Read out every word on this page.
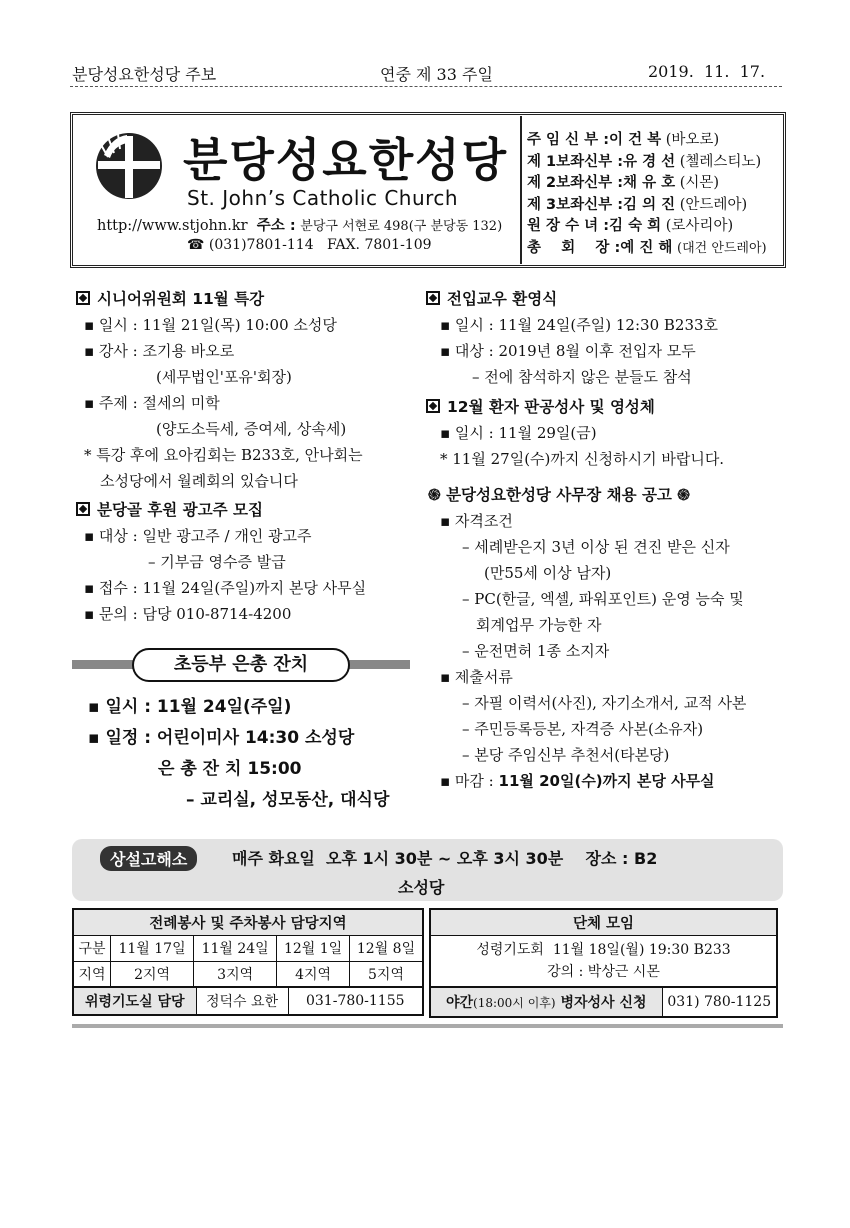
분당성요한성당 주보	연중 제 33 주일	2019.  11.  17.
분당성요한성당
St. John’s Catholic Church
http://www.stjohn.kr 주소 : 분당구 서현로 498(구 분당동 132)
☎ (031)7801-114   FAX. 7801-109
주 임 신 부 :이 건 복 (바오로)
제 1보좌신부 :유 경 선 (첼레스티노)
제 2보좌신부 :채 유 호 (시몬)
제 3보좌신부 :김 의 진 (안드레아)
원 장 수 녀 :김 숙 희 (로사리아)
총    회    장 :예 진 해 (대건 안드레아)
시니어위원회 11월 특강
▪ 일시 : 11월 21일(목) 10:00 소성당
▪ 강사 : 조기용 바오로
(세무법인'포유'회장)
▪ 주제 : 절세의 미학
(양도소득세, 증여세, 상속세)
* 특강 후에 요아킴회는 B233호, 안나회는
소성당에서 월례회의 있습니다
분당골 후원 광고주 모집
▪ 대상 : 일반 광고주 / 개인 광고주
– 기부금 영수증 발급
▪ 접수 : 11월 24일(주일)까지 본당 사무실
▪ 문의 : 담당 010-8714-4200
초등부 은총 잔치
▪ 일시 : 11월 24일(주일)
▪ 일정 : 어린이미사 14:30 소성당
은 총 잔 치 15:00
– 교리실, 성모동산, 대식당
전입교우 환영식
▪ 일시 : 11월 24일(주일) 12:30 B233호
▪ 대상 : 2019년 8월 이후 전입자 모두
– 전에 참석하지 않은 분들도 참석
12월 환자 판공성사 및 영성체
▪ 일시 : 11월 29일(금)
* 11월 27일(수)까지 신청하시기 바랍니다.
֍ 분당성요한성당 사무장 채용 공고 ֍
▪ 자격조건
– 세례받은지 3년 이상 된 견진 받은 신자
(만55세 이상 남자)
– PC(한글, 엑셀, 파워포인트) 운영 능숙 및
회계업무 가능한 자
– 운전면허 1종 소지자
▪ 제출서류
– 자필 이력서(사진), 자기소개서, 교적 사본
– 주민등록등본, 자격증 사본(소유자)
– 본당 주임신부 추천서(타본당)
▪ 마감 : 11월 20일(수)까지 본당 사무실
상설고해소	매주 화요일  오후 1시 30분 ~ 오후 3시 30분    장소 : B2
소성당
전례봉사 및 주차봉사 담당지역
구분	11월 17일	11월 24일	12월 1일	12월 8일
지역	2지역	3지역	4지역	5지역

위령기도실 담당	정덕수 요한	031-780-1155
단체 모임

성령기도회  11월 18일(월) 19:30 B233
강의 : 박상근 시몬

야간(18:00시 이후) 병자성사 신청	031) 780-1125
